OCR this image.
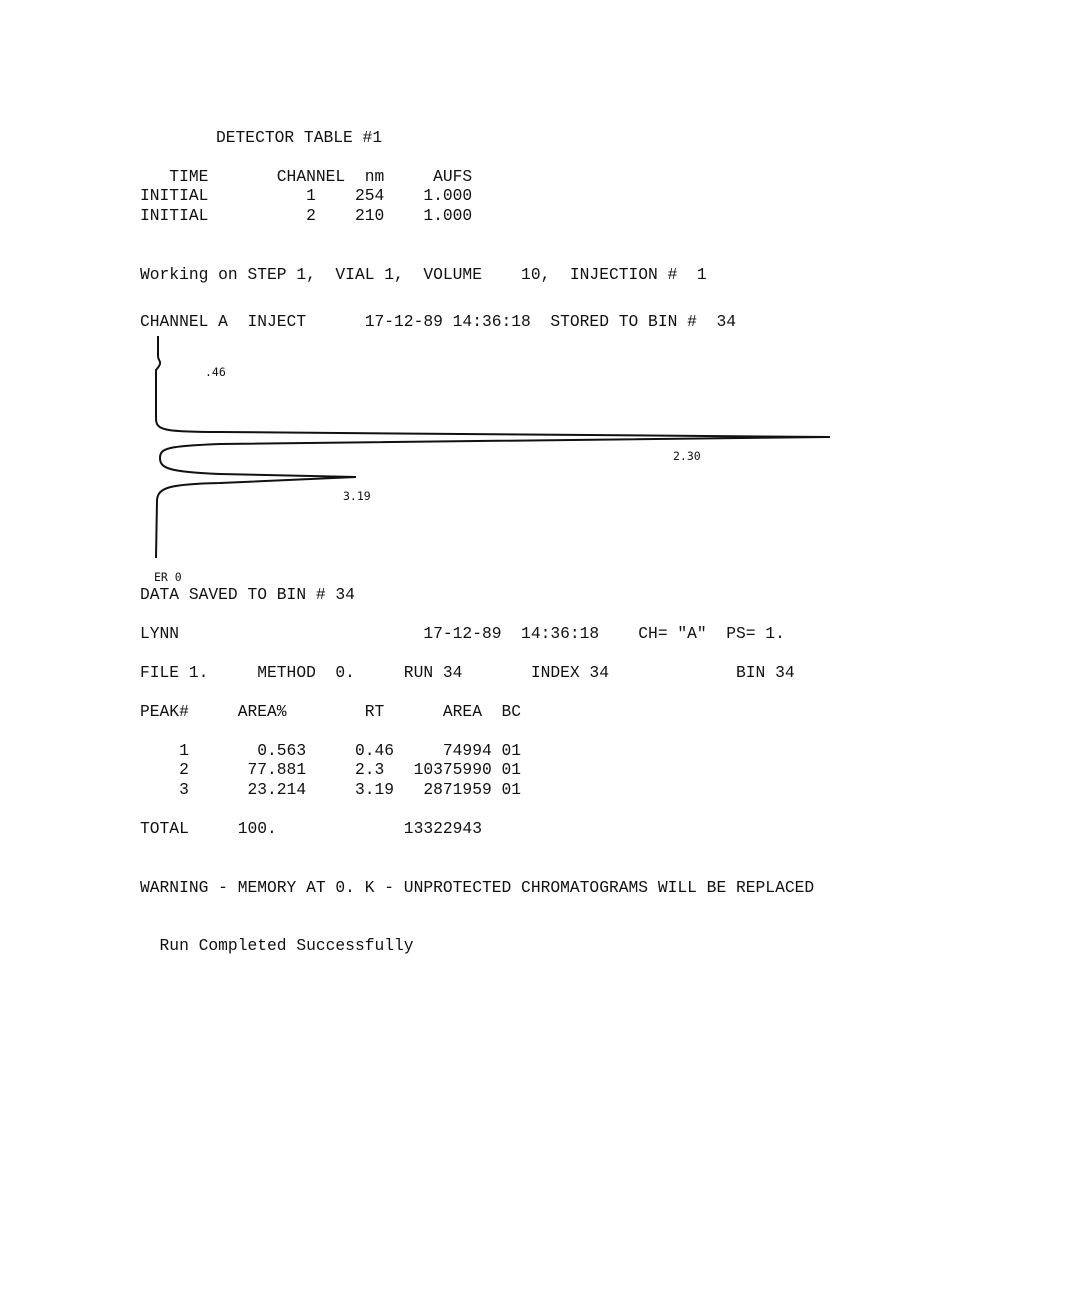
DETECTOR TABLE #1
TIME       CHANNEL  nm     AUFS
INITIAL          1    254    1.000
INITIAL          2    210    1.000
Working on STEP 1,  VIAL 1,  VOLUME    10,  INJECTION #  1
CHANNEL A  INJECT      17-12-89 14:36:18  STORED TO BIN #  34
.46
2.30
3.19
ER 0
DATA SAVED TO BIN # 34
LYNN                         17-12-89  14:36:18    CH= "A"  PS= 1.
FILE 1.     METHOD  0.     RUN 34       INDEX 34             BIN 34
PEAK#     AREA%        RT      AREA  BC
1       0.563     0.46     74994 01
2      77.881     2.3   10375990 01
3      23.214     3.19   2871959 01
TOTAL     100.             13322943
WARNING - MEMORY AT 0. K - UNPROTECTED CHROMATOGRAMS WILL BE REPLACED
Run Completed Successfully
